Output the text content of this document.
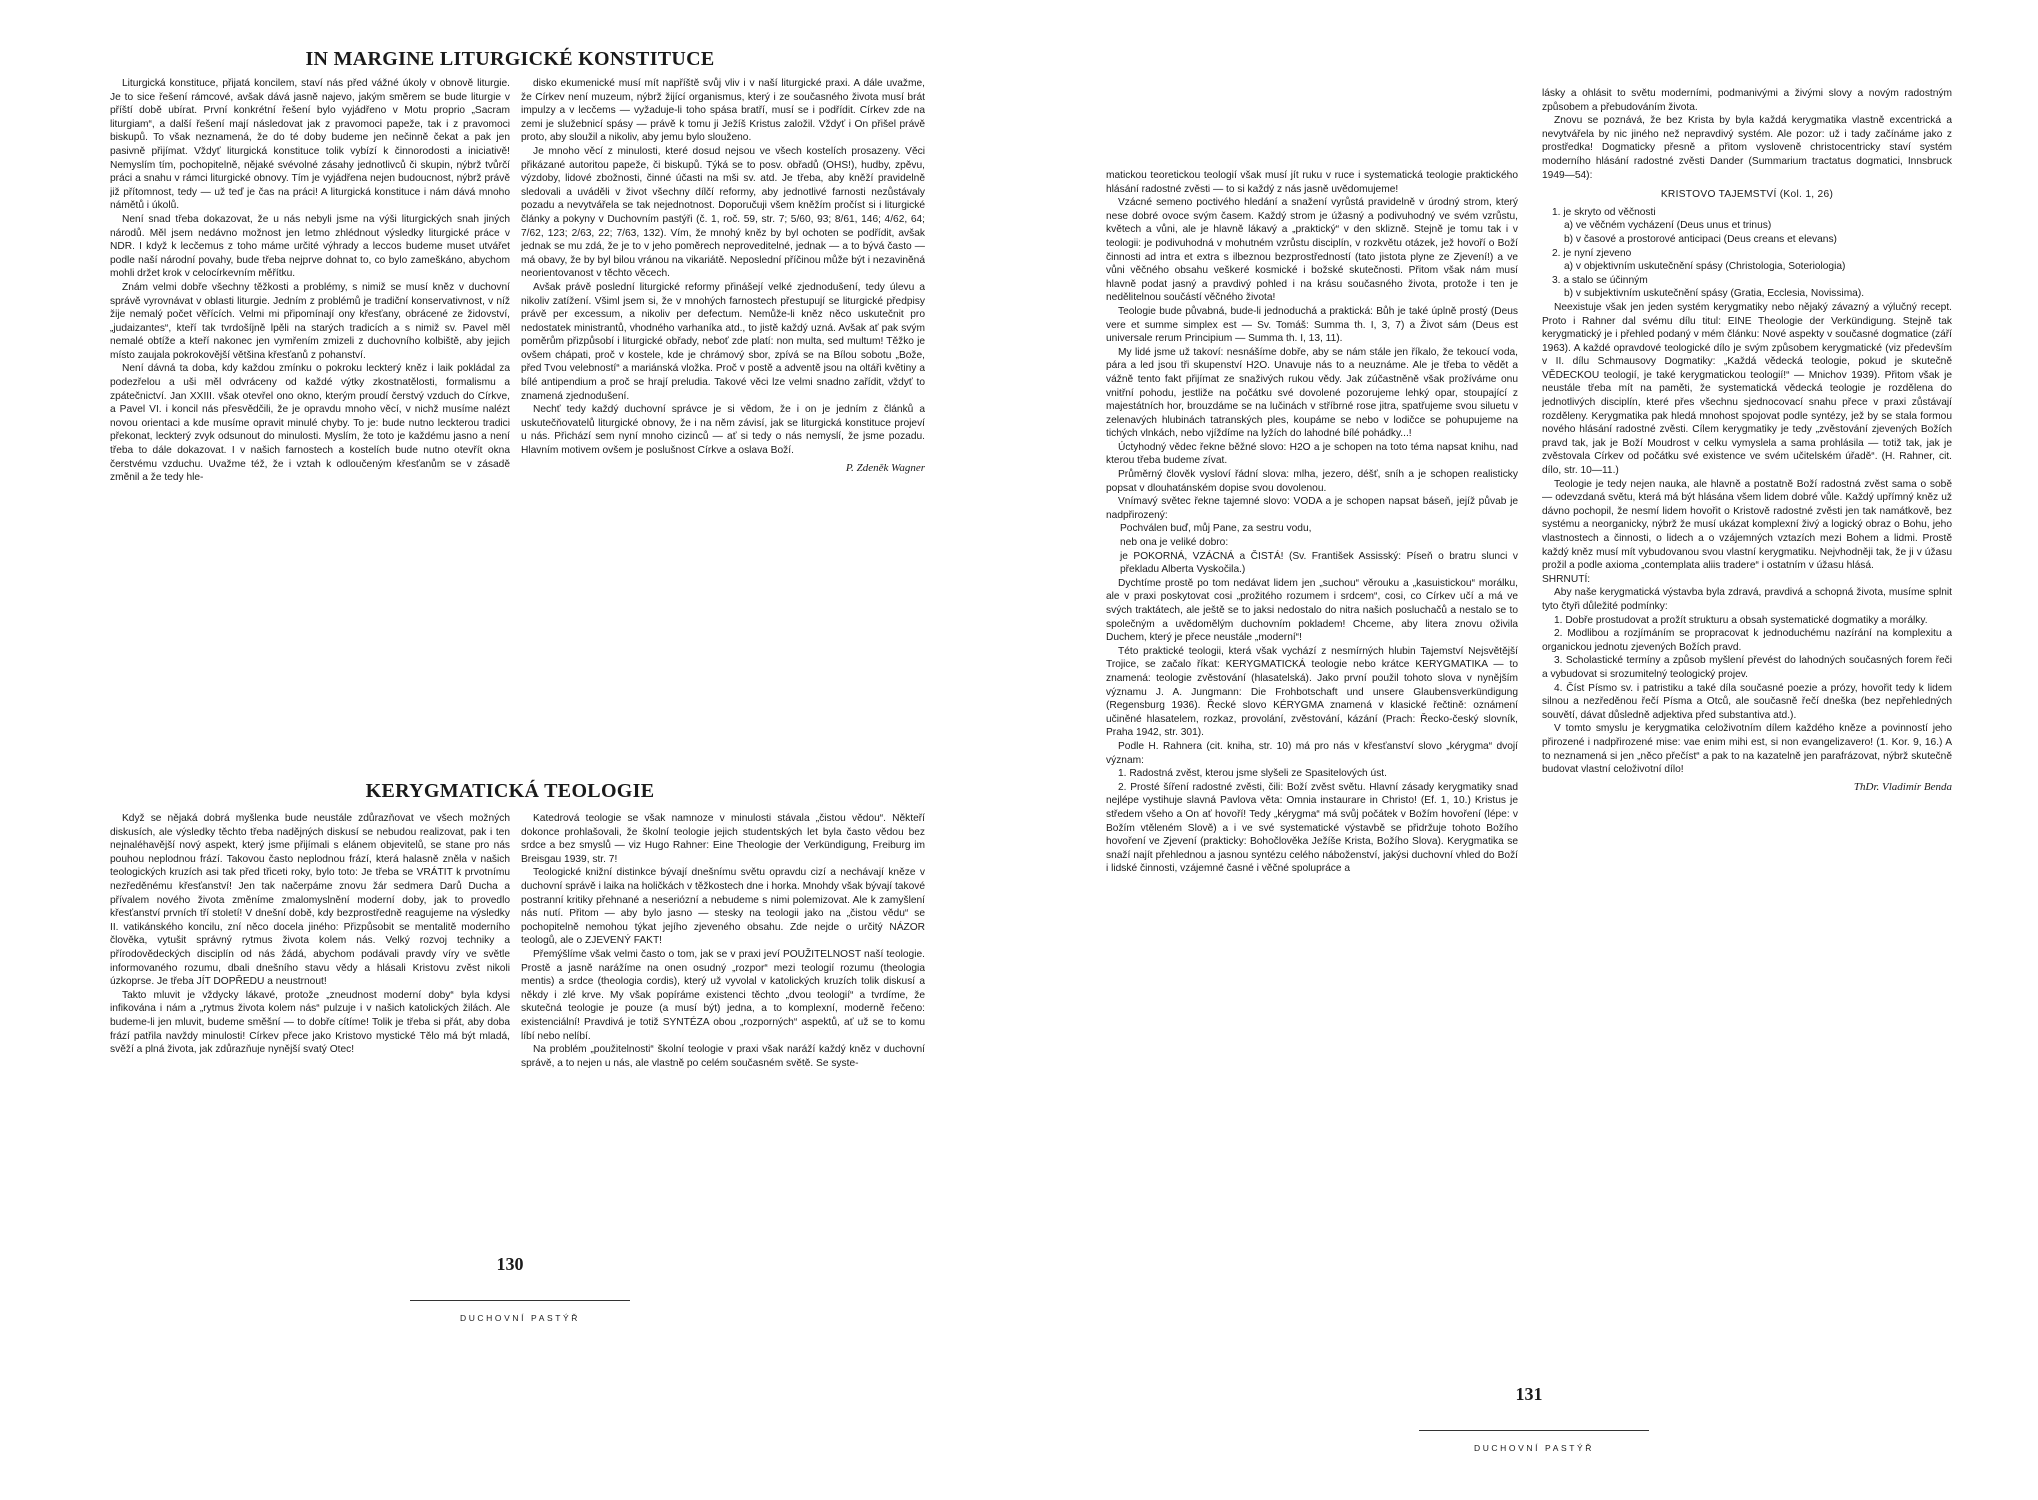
IN MARGINE LITURGICKÉ KONSTITUCE

Liturgická konstituce, přijatá koncilem, staví nás před vážné úkoly v obnově liturgie. Je to sice řešení rámcové, avšak dává jasně najevo, jakým směrem se bude liturgie v příští době ubírat. První konkrétní řešení bylo vyjádřeno v Motu proprio „Sacram liturgiam“, a další řešení mají následovat jak z pravomoci papeže, tak i z pravomoci biskupů. To však neznamená, že do té doby budeme jen nečinně čekat a pak jen pasivně přijímat. Vždyť liturgická konstituce tolik vybízí k činnorodosti a iniciativě! Nemyslím tím, pochopitelně, nějaké svévolné zásahy jednotlivců či skupin, nýbrž tvůrčí práci a snahu v rámci liturgické obnovy. Tím je vyjádřena nejen budoucnost, nýbrž právě již přítomnost, tedy — už teď je čas na práci! A liturgická konstituce i nám dává mnoho námětů i úkolů.

Není snad třeba dokazovat, že u nás nebyli jsme na výši liturgických snah jiných národů. Měl jsem nedávno možnost jen letmo zhlédnout výsledky liturgické práce v NDR. I když k lecčemus z toho máme určité výhrady a leccos budeme muset utvářet podle naší národní povahy, bude třeba nejprve dohnat to, co bylo zameškáno, abychom mohli držet krok v celocírkevním měřítku.

Znám velmi dobře všechny těžkosti a problémy, s nimiž se musí kněz v duchovní správě vyrovnávat v oblasti liturgie. Jedním z problémů je tradiční konservativnost, v níž žije nemalý počet věřících. Velmi mi připomínají ony křesťany, obrácené ze židovství, „judaizantes“, kteří tak tvrdošíjně lpěli na starých tradicích a s nimiž sv. Pavel měl nemalé obtíže a kteří nakonec jen vymřením zmizeli z duchovního kolbiště, aby jejich místo zaujala pokrokovější většina křesťanů z pohanství.

Není dávná ta doba, kdy každou zmínku o pokroku leckterý kněz i laik pokládal za podezřelou a uši měl odvráceny od každé výtky zkostnatělosti, formalismu a zpátečnictví. Jan XXIII. však otevřel ono okno, kterým proudí čerstvý vzduch do Církve, a Pavel VI. i koncil nás přesvědčili, že je opravdu mnoho věcí, v nichž musíme nalézt novou orientaci a kde musíme opravit minulé chyby. To je: bude nutno leckterou tradici překonat, leckterý zvyk odsunout do minulosti. Myslím, že toto je každému jasno a není třeba to dále dokazovat. I v našich farnostech a kostelích bude nutno otevřít okna čerstvému vzduchu. Uvažme též, že i vztah k odloučeným křesťanům se v zásadě změnil a že tedy hle-

disko ekumenické musí mít napříště svůj vliv i v naší liturgické praxi. A dále uvažme, že Církev není muzeum, nýbrž žijící organismus, který i ze současného života musí brát impulzy a v lecčems — vyžaduje-li toho spása bratří, musí se i podřídit. Církev zde na zemi je služebnicí spásy — právě k tomu ji Ježíš Kristus založil. Vždyť i On přišel právě proto, aby sloužil a nikoliv, aby jemu bylo slouženo.

Je mnoho věcí z minulosti, které dosud nejsou ve všech kostelích prosazeny. Věci přikázané autoritou papeže, či biskupů. Týká se to posv. obřadů (OHS!), hudby, zpěvu, výzdoby, lidové zbožnosti, činné účasti na mši sv. atd. Je třeba, aby kněží pravidelně sledovali a uváděli v život všechny dílčí reformy, aby jednotlivé farnosti nezůstávaly pozadu a nevytvářela se tak nejednotnost. Doporučuji všem kněžím pročíst si i liturgické články a pokyny v Duchovním pastýři (č. 1, roč. 59, str. 7; 5/60, 93; 8/61, 146; 4/62, 64; 7/62, 123; 2/63, 22; 7/63, 132). Vím, že mnohý kněz by byl ochoten se podřídit, avšak jednak se mu zdá, že je to v jeho poměrech neproveditelné, jednak — a to bývá často — má obavy, že by byl bilou vránou na vikariátě. Neposlední příčinou může být i nezaviněná neorientovanost v těchto věcech.

Avšak právě poslední liturgické reformy přinášejí velké zjednodušení, tedy úlevu a nikoliv zatížení. Všiml jsem si, že v mnohých farnostech přestupují se liturgické předpisy právě per excessum, a nikoliv per defectum. Nemůže-li kněz něco uskutečnit pro nedostatek ministrantů, vhodného varhaníka atd., to jistě každý uzná. Avšak ať pak svým poměrům přizpůsobí i liturgické obřady, neboť zde platí: non multa, sed multum! Těžko je ovšem chápati, proč v kostele, kde je chrámový sbor, zpívá se na Bílou sobotu „Bože, před Tvou velebností“ a mariánská vložka. Proč v postě a adventě jsou na oltáři květiny a bílé antipendium a proč se hrají preludia. Takové věci lze velmi snadno zařídit, vždyť to znamená zjednodušení.

Nechť tedy každý duchovní správce je si vědom, že i on je jedním z článků a uskutečňovatelů liturgické obnovy, že i na něm závisí, jak se liturgická konstituce projeví u nás. Přichází sem nyní mnoho cizinců — ať si tedy o nás nemyslí, že jsme pozadu. Hlavním motivem ovšem je poslušnost Církve a oslava Boží.

P. Zdeněk Wagner

KERYGMATICKÁ TEOLOGIE

Když se nějaká dobrá myšlenka bude neustále zdůrazňovat ve všech možných diskusích, ale výsledky těchto třeba nadějných diskusí se nebudou realizovat, pak i ten nejnaléhavější nový aspekt, který jsme přijímali s elánem objevitelů, se stane pro nás pouhou neplodnou frází. Takovou často neplodnou frází, která halasně zněla v našich teologických kruzích asi tak před třiceti roky, bylo toto: Je třeba se VRÁTIT k prvotnímu nezředěnému křesťanství! Jen tak načerpáme znovu žár sedmera Darů Ducha a přívalem nového života změníme zmalomyslnění moderní doby, jak to provedlo křesťanství prvních tří století! V dnešní době, kdy bezprostředně reagujeme na výsledky II. vatikánského koncilu, zní něco docela jiného: Přizpůsobit se mentalitě moderního člověka, vytušit správný rytmus života kolem nás. Velký rozvoj techniky a přírodovědeckých disciplín od nás žádá, abychom podávali pravdy víry ve světle informovaného rozumu, dbali dnešního stavu vědy a hlásali Kristovu zvěst nikoli úzkoprse. Je třeba JÍT DOPŘEDU a neustrnout!

Takto mluvit je vždycky lákavé, protože „zneudnost moderní doby“ byla kdysi infikována i nám a „rytmus života kolem nás“ pulzuje i v našich katolických žilách. Ale budeme-li jen mluvit, budeme směšní — to dobře cítíme! Tolik je třeba si přát, aby doba frází patřila navždy minulosti! Církev přece jako Kristovo mystické Tělo má být mladá, svěží a plná života, jak zdůrazňuje nynější svatý Otec!

Katedrová teologie se však namnoze v minulosti stávala „čistou vědou“. Někteří dokonce prohlašovali, že školní teologie jejich studentských let byla často vědou bez srdce a bez smyslů — viz Hugo Rahner: Eine Theologie der Verkündigung, Freiburg im Breisgau 1939, str. 7!

Teologické knižní distinkce bývají dnešnímu světu opravdu cizí a nechávají kněze v duchovní správě i laika na holičkách v těžkostech dne i horka. Mnohdy však bývají takové postranní kritiky přehnané a neseriózní a nebudeme s nimi polemizovat. Ale k zamyšlení nás nutí. Přitom — aby bylo jasno — stesky na teologii jako na „čistou vědu“ se pochopitelně nemohou týkat jejího zjeveného obsahu. Zde nejde o určitý NÁZOR teologů, ale o ZJEVENÝ FAKT!

Přemýšlíme však velmi často o tom, jak se v praxi jeví POUŽITELNOST naší teologie. Prostě a jasně narážíme na onen osudný „rozpor“ mezi teologií rozumu (theologia mentis) a srdce (theologia cordis), který už vyvolal v katolických kruzích tolik diskusí a někdy i zlé krve. My však popíráme existenci těchto „dvou teologií“ a tvrdíme, že skutečná teologie je pouze (a musí být) jedna, a to komplexní, moderně řečeno: existenciální! Pravdivá je totiž SYNTÉZA obou „rozporných“ aspektů, ať už se to komu líbí nebo nelíbí.

Na problém „použitelnosti“ školní teologie v praxi však naráží každý kněz v duchovní správě, a to nejen u nás, ale vlastně po celém současném světě. Se syste-

130
DUCHOVNÍ PASTÝŘ

matickou teoretickou teologií však musí jít ruku v ruce i systematická teologie praktického hlásání radostné zvěsti — to si každý z nás jasně uvědomujeme!

Vzácné semeno poctivého hledání a snažení vyrůstá pravidelně v úrodný strom, který nese dobré ovoce svým časem. Každý strom je úžasný a podivuhodný ve svém vzrůstu, květech a vůni, ale je hlavně lákavý a „praktický“ v den sklizně. Stejně je tomu tak i v teologii: je podivuhodná v mohutném vzrůstu disciplín, v rozkvětu otázek, jež hovoří o Boží činnosti ad intra et extra s ilbeznou bezprostředností (tato jistota plyne ze Zjevení!) a ve vůni věčného obsahu veškeré kosmické i božské skutečnosti. Přitom však nám musí hlavně podat jasný a pravdivý pohled i na krásu současného života, protože i ten je nedělitelnou součástí věčného života!

Teologie bude půvabná, bude-li jednoduchá a praktická: Bůh je také úplně prostý (Deus vere et summe simplex est — Sv. Tomáš: Summa th. I, 3, 7) a Život sám (Deus est universale rerum Principium — Summa th. I, 13, 11).

My lidé jsme už takoví: nesnášíme dobře, aby se nám stále jen říkalo, že tekoucí voda, pára a led jsou tři skupenství H2O. Unavuje nás to a neuznáme. Ale je třeba to vědět a vážně tento fakt přijímat ze snaživých rukou vědy. Jak zúčastněně však prožíváme onu vnitřní pohodu, jestliže na počátku své dovolené pozorujeme lehký opar, stoupající z majestátních hor, brouzdáme se na lučinách v stříbrné rose jitra, spatřujeme svou siluetu v zelenavých hlubinách tatranských ples, koupáme se nebo v lodičce se pohupujeme na tichých vlnkách, nebo vjíždíme na lyžích do lahodné bílé pohádky...!

Úctyhodný vědec řekne běžné slovo: H2O a je schopen na toto téma napsat knihu, nad kterou třeba budeme zívat.

Průměrný člověk vysloví řádní slova: mlha, jezero, déšť, sníh a je schopen realisticky popsat v dlouhatánském dopise svou dovolenou.

Vnímavý světec řekne tajemné slovo: VODA a je schopen napsat báseň, jejíž půvab je nadpřirozený:

Pochválen buď, můj Pane, za sestru vodu,

neb ona je veliké dobro:

je POKORNÁ, VZÁCNÁ a ČISTÁ! (Sv. František Assisský: Píseň o bratru slunci v překladu Alberta Vyskočila.)

Dychtíme prostě po tom nedávat lidem jen „suchou“ věrouku a „kasuistickou“ morálku, ale v praxi poskytovat cosi „prožitého rozumem i srdcem“, cosi, co Církev učí a má ve svých traktátech, ale ještě se to jaksi nedostalo do nitra našich posluchačů a nestalo se to společným a uvědomělým duchovním pokladem! Chceme, aby litera znovu oživila Duchem, který je přece neustále „moderní“!

Této praktické teologii, která však vychází z nesmírných hlubin Tajemství Nejsvětější Trojice, se začalo říkat: KERYGMATICKÁ teologie nebo krátce KERYGMATIKA — to znamená: teologie zvěstování (hlasatelská). Jako první použil tohoto slova v nynějším významu J. A. Jungmann: Die Frohbotschaft und unsere Glaubensverkündigung (Regensburg 1936). Řecké slovo KÉRYGMA znamená v klasické řečtině: oznámení učiněné hlasatelem, rozkaz, provolání, zvěstování, kázání (Prach: Řecko-český slovník, Praha 1942, str. 301).

Podle H. Rahnera (cit. kniha, str. 10) má pro nás v křesťanství slovo „kérygma“ dvojí význam:

1. Radostná zvěst, kterou jsme slyšeli ze Spasitelových úst.

2. Prosté šíření radostné zvěsti, čili: Boží zvěst světu. Hlavní zásady kerygmatiky snad nejlépe vystihuje slavná Pavlova věta: Omnia instaurare in Christo! (Ef. 1, 10.) Kristus je středem všeho a On ať hovoří! Tedy „kérygma“ má svůj počátek v Božím hovoření (lépe: v Božím vtěleném Slově) a i ve své systematické výstavbě se přidržuje tohoto Božího hovoření ve Zjevení (prakticky: Bohočlověka Ježíše Krista, Božího Slova). Kerygmatika se snaží najít přehlednou a jasnou syntézu celého náboženství, jakýsi duchovní vhled do Boží i lidské činnosti, vzájemné časné i věčné spolupráce a

lásky a ohlásit to světu moderními, podmanivými a živými slovy a novým radostným způsobem a přebudováním života.

Znovu se poznává, že bez Krista by byla každá kerygmatika vlastně excentrická a nevytvářela by nic jiného než nepravdivý systém. Ale pozor: už i tady začínáme jako z prostředka! Dogmaticky přesně a přitom vysloveně christocentricky staví systém moderního hlásání radostné zvěsti Dander (Summarium tractatus dogmatici, Innsbruck 1949—54):

KRISTOVO TAJEMSTVÍ (Kol. 1, 26)

1. je skryto od věčnosti

a) ve věčném vycházení (Deus unus et trinus)

b) v časové a prostorové anticipaci (Deus creans et elevans)

2. je nyní zjeveno

a) v objektivním uskutečnění spásy (Christologia, Soteriologia)

3. a stalo se účinným

b) v subjektivním uskutečnění spásy (Gratia, Ecclesia, Novissima).

Neexistuje však jen jeden systém kerygmatiky nebo nějaký závazný a výlučný recept. Proto i Rahner dal svému dílu titul: EINE Theologie der Verkündigung. Stejně tak kerygmatický je i přehled podaný v mém článku: Nové aspekty v současné dogmatice (září 1963). A každé opravdové teologické dílo je svým způsobem kerygmatické (viz především v II. dílu Schmausovy Dogmatiky: „Každá vědecká teologie, pokud je skutečně VĚDECKOU teologií, je také kerygmatickou teologií!“ — Mnichov 1939). Přitom však je neustále třeba mít na paměti, že systematická vědecká teologie je rozdělena do jednotlivých disciplín, které přes všechnu sjednocovací snahu přece v praxi zůstávají rozděleny. Kerygmatika pak hledá mnohost spojovat podle syntézy, jež by se stala formou nového hlásání radostné zvěsti. Cílem kerygmatiky je tedy „zvěstování zjevených Božích pravd tak, jak je Boží Moudrost v celku vymyslela a sama prohlásila — totiž tak, jak je zvěstovala Církev od počátku své existence ve svém učitelském úřadě“. (H. Rahner, cit. dílo, str. 10—11.)

Teologie je tedy nejen nauka, ale hlavně a postatně Boží radostná zvěst sama o sobě — odevzdaná světu, která má být hlásána všem lidem dobré vůle. Každý upřímný kněz už dávno pochopil, že nesmí lidem hovořit o Kristově radostné zvěsti jen tak namátkově, bez systému a neorganicky, nýbrž že musí ukázat komplexní živý a logický obraz o Bohu, jeho vlastnostech a činnosti, o lidech a o vzájemných vztazích mezi Bohem a lidmi. Prostě každý kněz musí mít vybudovanou svou vlastní kerygmatiku. Nejvhodněji tak, že ji v úžasu prožil a podle axioma „contemplata aliis tradere“ i ostatním v úžasu hlásá.

SHRNUTÍ:

Aby naše kerygmatická výstavba byla zdravá, pravdivá a schopná života, musíme splnit tyto čtyři důležité podmínky:

1. Dobře prostudovat a prožít strukturu a obsah systematické dogmatiky a morálky.

2. Modlibou a rozjímáním se propracovat k jednoduchému nazírání na komplexitu a organickou jednotu zjevených Božích pravd.

3. Scholastické termíny a způsob myšlení převést do lahodných současných forem řeči a vybudovat si srozumitelný teologický projev.

4. Číst Písmo sv. i patristiku a také díla současné poezie a prózy, hovořit tedy k lidem silnou a nezředěnou řečí Písma a Otců, ale současně řečí dneška (bez nepřehledných souvětí, dávat důsledně adjektiva před substantiva atd.).

V tomto smyslu je kerygmatika celoživotním dílem každého kněze a povinností jeho přirozené i nadpřirozené mise: vae enim mihi est, si non evangelizavero! (1. Kor. 9, 16.) A to neznamená si jen „něco přečíst“ a pak to na kazatelně jen parafrázovat, nýbrž skutečně budovat vlastní celoživotní dílo!

ThDr. Vladimír Benda

131
DUCHOVNÍ PASTÝŘ
